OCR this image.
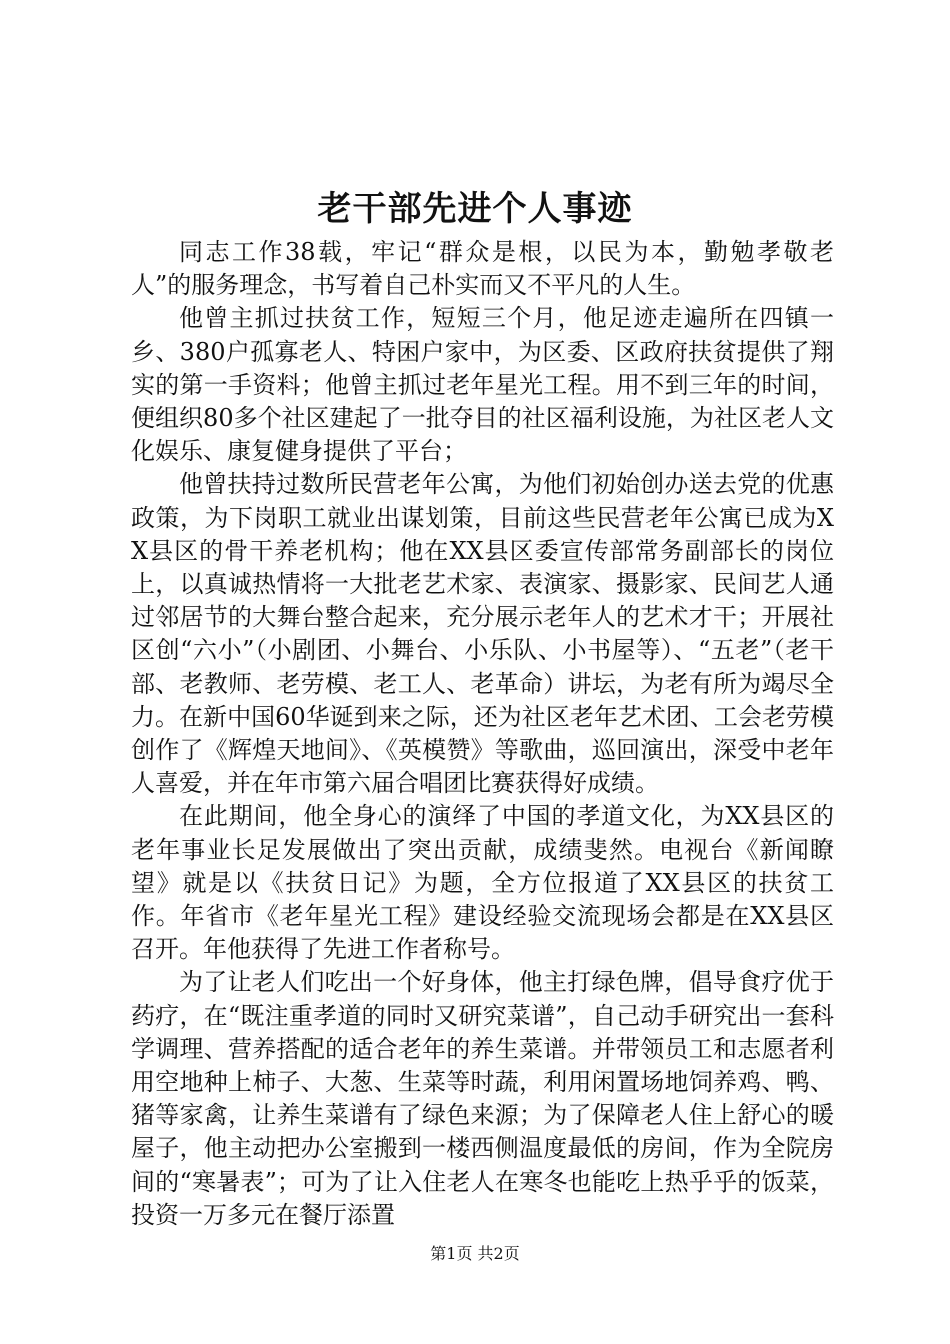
老干部先进个人事迹

同志工作38载，牢记“群众是根，以民为本，勤勉孝敬老人”的服务理念，书写着自己朴实而又不平凡的人生。

他曾主抓过扶贫工作，短短三个月，他足迹走遍所在四镇一乡、380户孤寡老人、特困户家中，为区委、区政府扶贫提供了翔实的第一手资料；他曾主抓过老年星光工程。用不到三年的时间，便组织80多个社区建起了一批夺目的社区福利设施，为社区老人文化娱乐、康复健身提供了平台；

他曾扶持过数所民营老年公寓，为他们初始创办送去党的优惠政策，为下岗职工就业出谋划策，目前这些民营老年公寓已成为XX县区的骨干养老机构；他在XX县区委宣传部常务副部长的岗位上，以真诚热情将一大批老艺术家、表演家、摄影家、民间艺人通过邻居节的大舞台整合起来，充分展示老年人的艺术才干；开展社区创“六小”（小剧团、小舞台、小乐队、小书屋等）、“五老”（老干部、老教师、老劳模、老工人、老革命）讲坛，为老有所为竭尽全力。在新中国60华诞到来之际，还为社区老年艺术团、工会老劳模创作了《辉煌天地间》、《英模赞》等歌曲，巡回演出，深受中老年人喜爱，并在年市第六届合唱团比赛获得好成绩。

在此期间，他全身心的演绎了中国的孝道文化，为XX县区的老年事业长足发展做出了突出贡献，成绩斐然。电视台《新闻瞭望》就是以《扶贫日记》为题，全方位报道了XX县区的扶贫工作。年省市《老年星光工程》建设经验交流现场会都是在XX县区召开。年他获得了先进工作者称号。

为了让老人们吃出一个好身体，他主打绿色牌，倡导食疗优于药疗，在“既注重孝道的同时又研究菜谱”，自己动手研究出一套科学调理、营养搭配的适合老年的养生菜谱。并带领员工和志愿者利用空地种上柿子、大葱、生菜等时蔬，利用闲置场地饲养鸡、鸭、猪等家禽，让养生菜谱有了绿色来源；为了保障老人住上舒心的暖屋子，他主动把办公室搬到一楼西侧温度最低的房间，作为全院房间的“寒暑表”；可为了让入住老人在寒冬也能吃上热乎乎的饭菜，投资一万多元在餐厅添置

第1页 共2页
